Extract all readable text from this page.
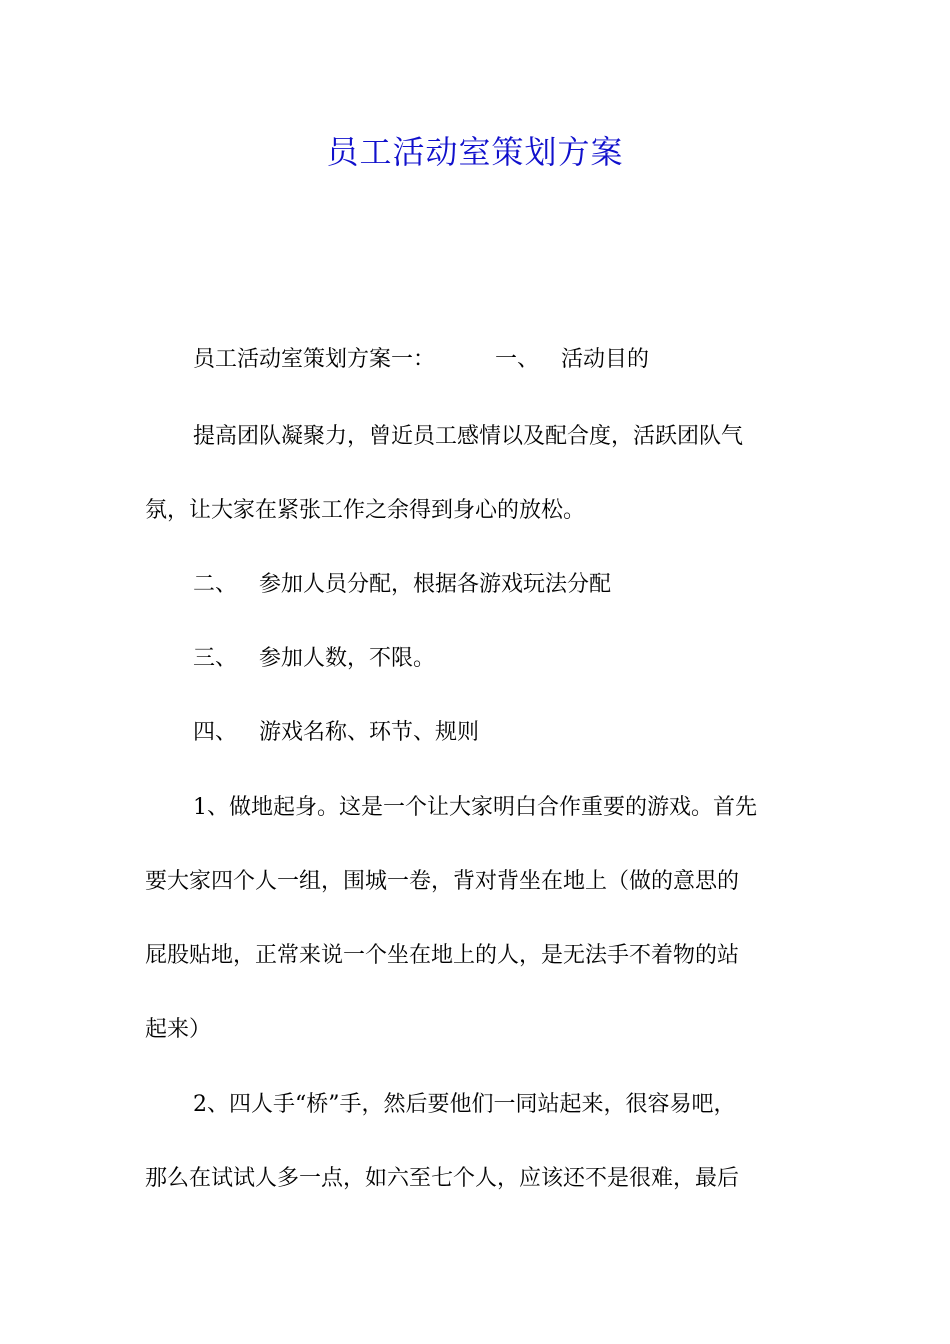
员工活动室策划方案
员工活动室策划方案一：	一、 活动目的
提高团队凝聚力，曾近员工感情以及配合度，活跃团队气
氛，让大家在紧张工作之余得到身心的放松。
二、 参加人员分配，根据各游戏玩法分配
三、 参加人数，不限。
四、 游戏名称、环节、规则
1、做地起身。这是一个让大家明白合作重要的游戏。首先
要大家四个人一组，围城一卷，背对背坐在地上（做的意思的
屁股贴地，正常来说一个坐在地上的人，是无法手不着物的站
起来）
2、四人手“桥”手，然后要他们一同站起来，很容易吧，
那么在试试人多一点，如六至七个人，应该还不是很难，最后
